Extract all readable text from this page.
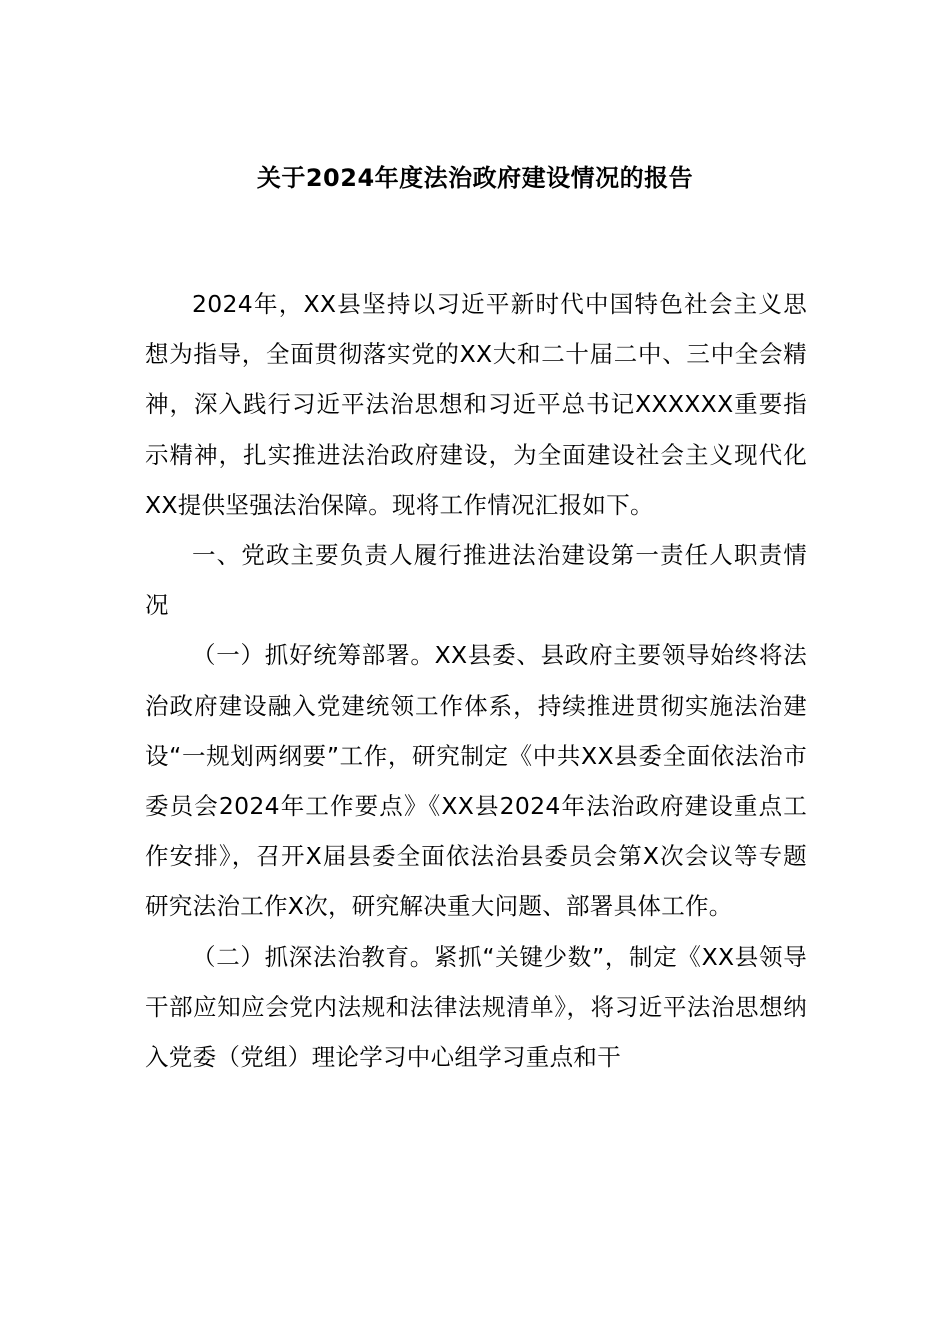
关于2024年度法治政府建设情况的报告

2024年，XX县坚持以习近平新时代中国特色社会主义思想为指导，全面贯彻落实党的XX大和二十届二中、三中全会精神，深入践行习近平法治思想和习近平总书记XXXXXX重要指示精神，扎实推进法治政府建设，为全面建设社会主义现代化XX提供坚强法治保障。现将工作情况汇报如下。

一、党政主要负责人履行推进法治建设第一责任人职责情况

（一）抓好统筹部署。XX县委、县政府主要领导始终将法治政府建设融入党建统领工作体系，持续推进贯彻实施法治建设“一规划两纲要”工作，研究制定《中共XX县委全面依法治市委员会2024年工作要点》《XX县2024年法治政府建设重点工作安排》，召开X届县委全面依法治县委员会第X次会议等专题研究法治工作X次，研究解决重大问题、部署具体工作。

（二）抓深法治教育。紧抓“关键少数”，制定《XX县领导干部应知应会党内法规和法律法规清单》，将习近平法治思想纳入党委（党组）理论学习中心组学习重点和干
